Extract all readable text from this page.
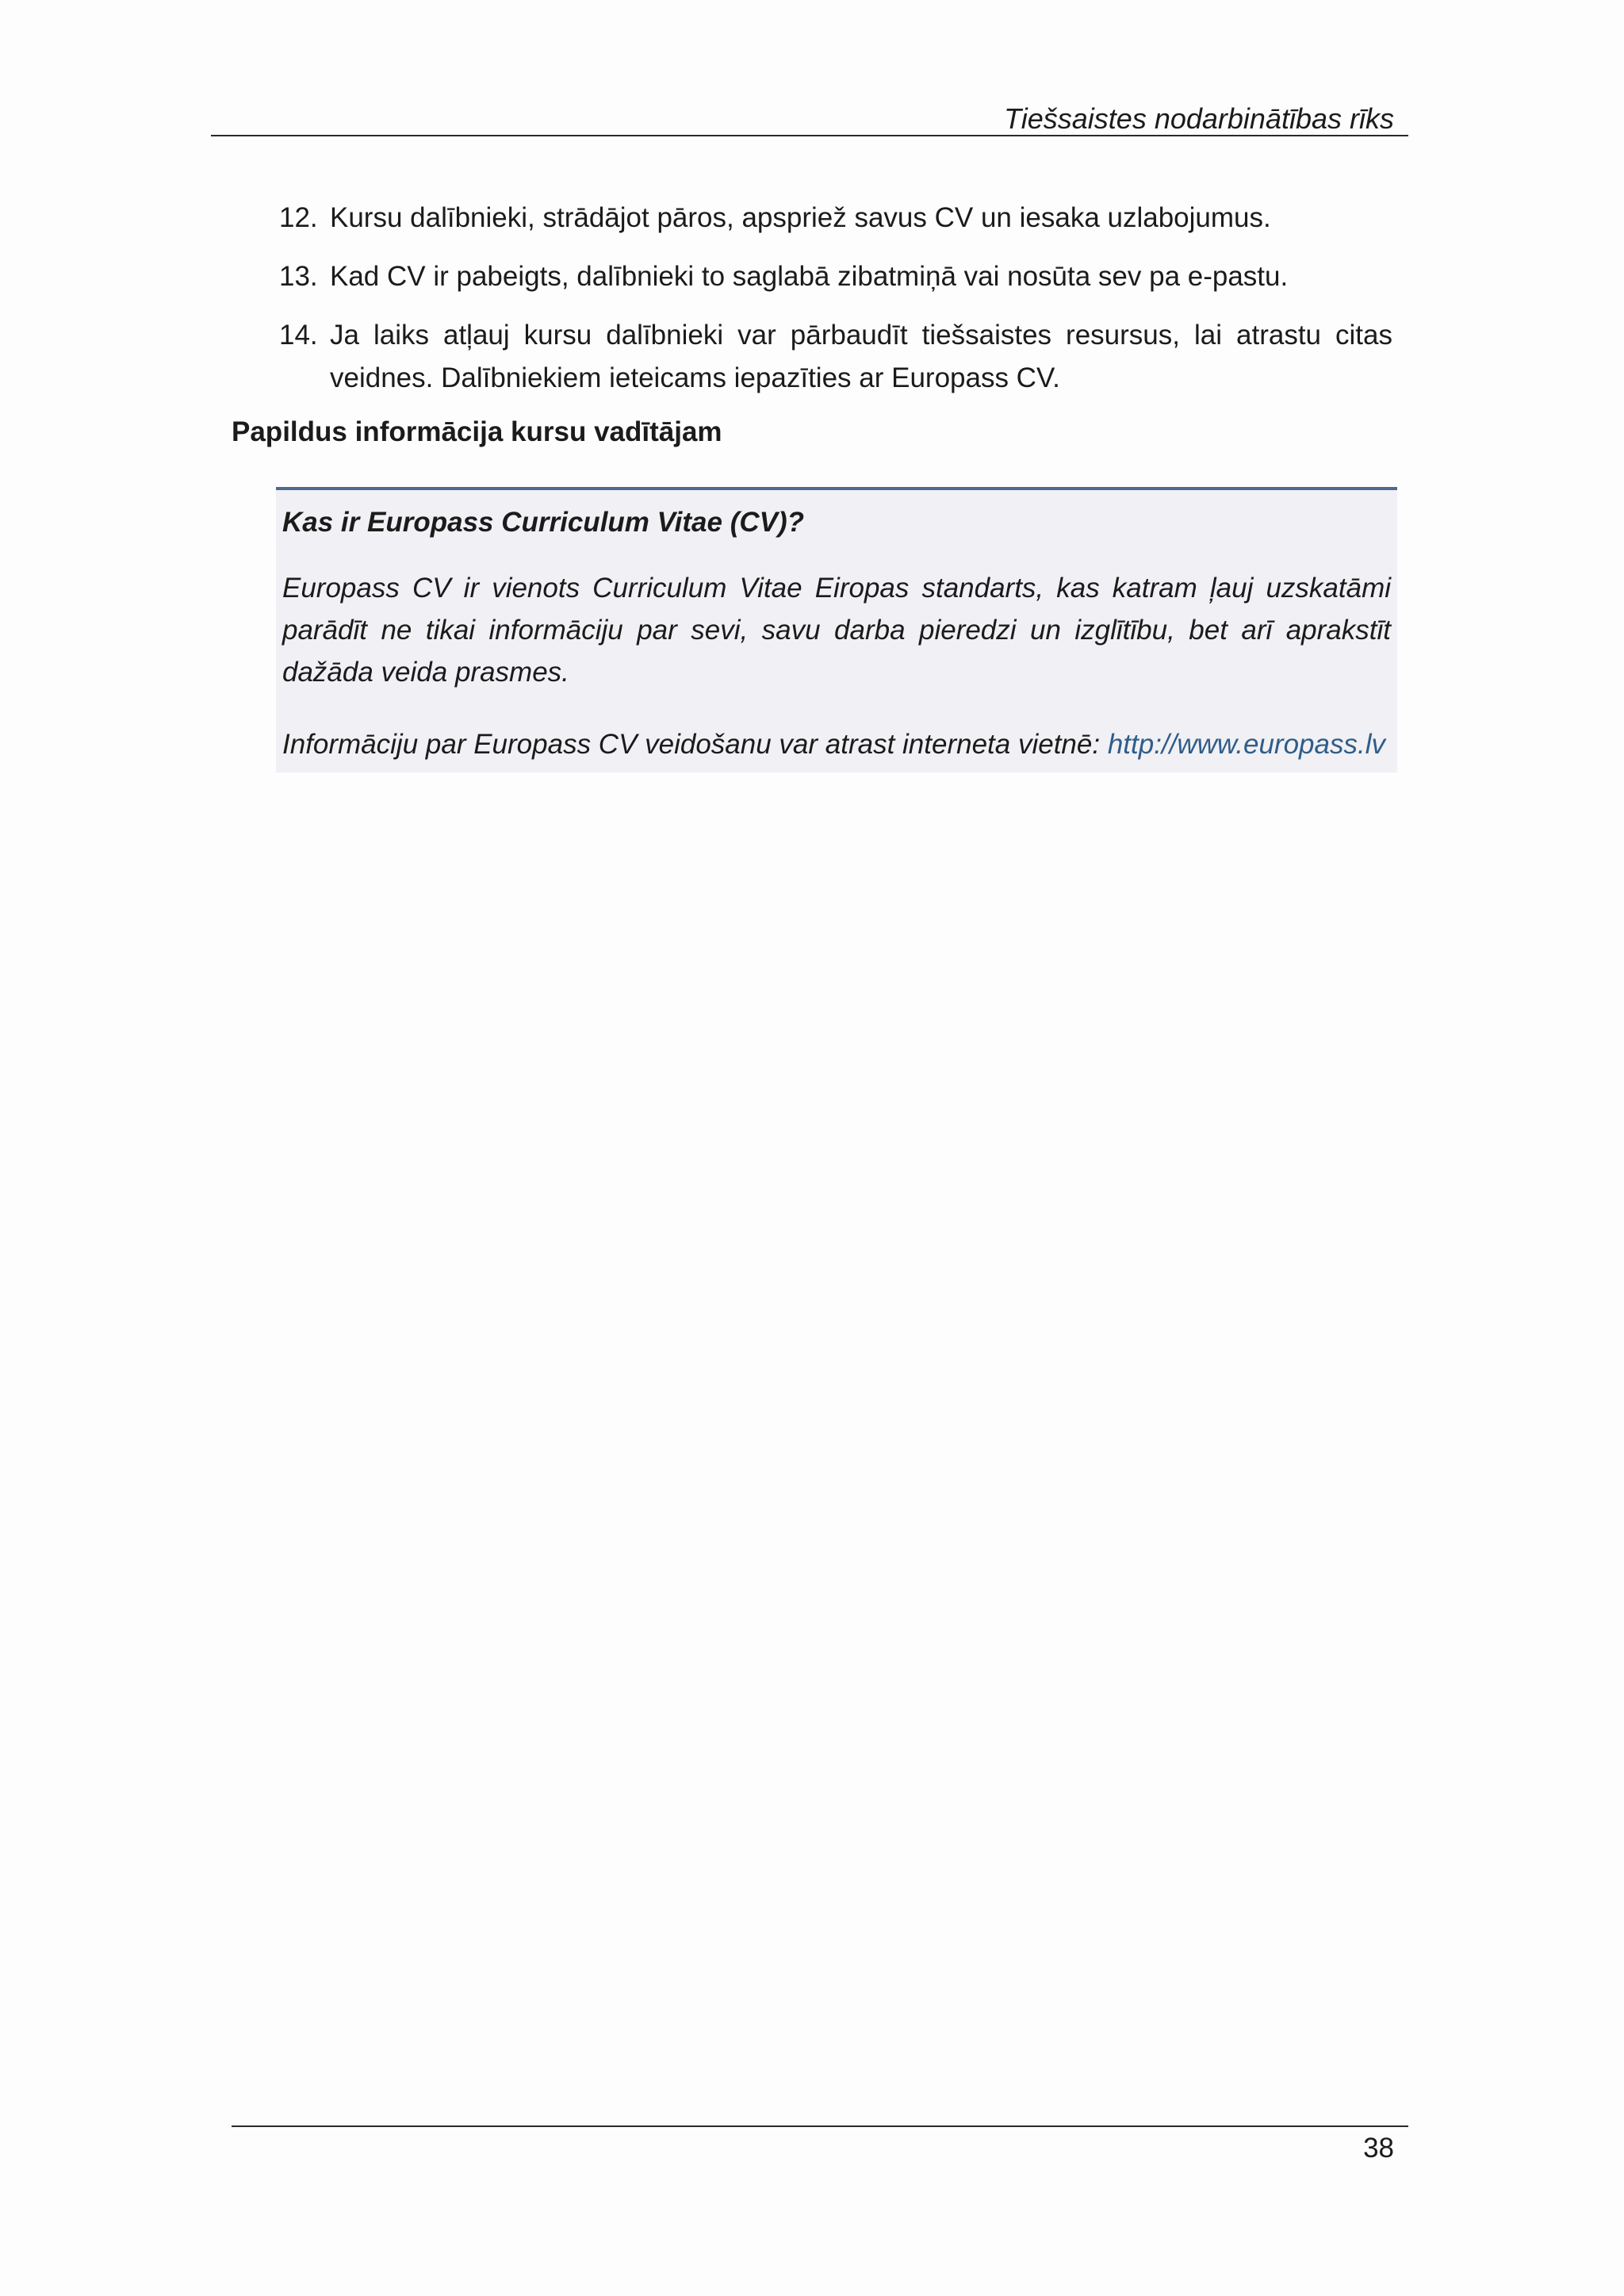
Tiešsaistes nodarbinātības rīks
12. Kursu dalībnieki, strādājot pāros, apspriež savus CV un iesaka uzlabojumus.
13. Kad CV ir pabeigts, dalībnieki to saglabā zibatmiņā vai nosūta sev pa e-pastu.
14. Ja laiks atļauj kursu dalībnieki var pārbaudīt tiešsaistes resursus, lai atrastu citas veidnes. Dalībniekiem ieteicams iepazīties ar Europass CV.
Papildus informācija kursu vadītājam
Kas ir Europass Curriculum Vitae (CV)?

Europass CV ir vienots Curriculum Vitae Eiropas standarts, kas katram ļauj uzskatāmi parādīt ne tikai informāciju par sevi, savu darba pieredzi un izglītību, bet arī aprakstīt dažāda veida prasmes.

Informāciju par Europass CV veidošanu var atrast interneta vietnē: http://www.europass.lv

38
